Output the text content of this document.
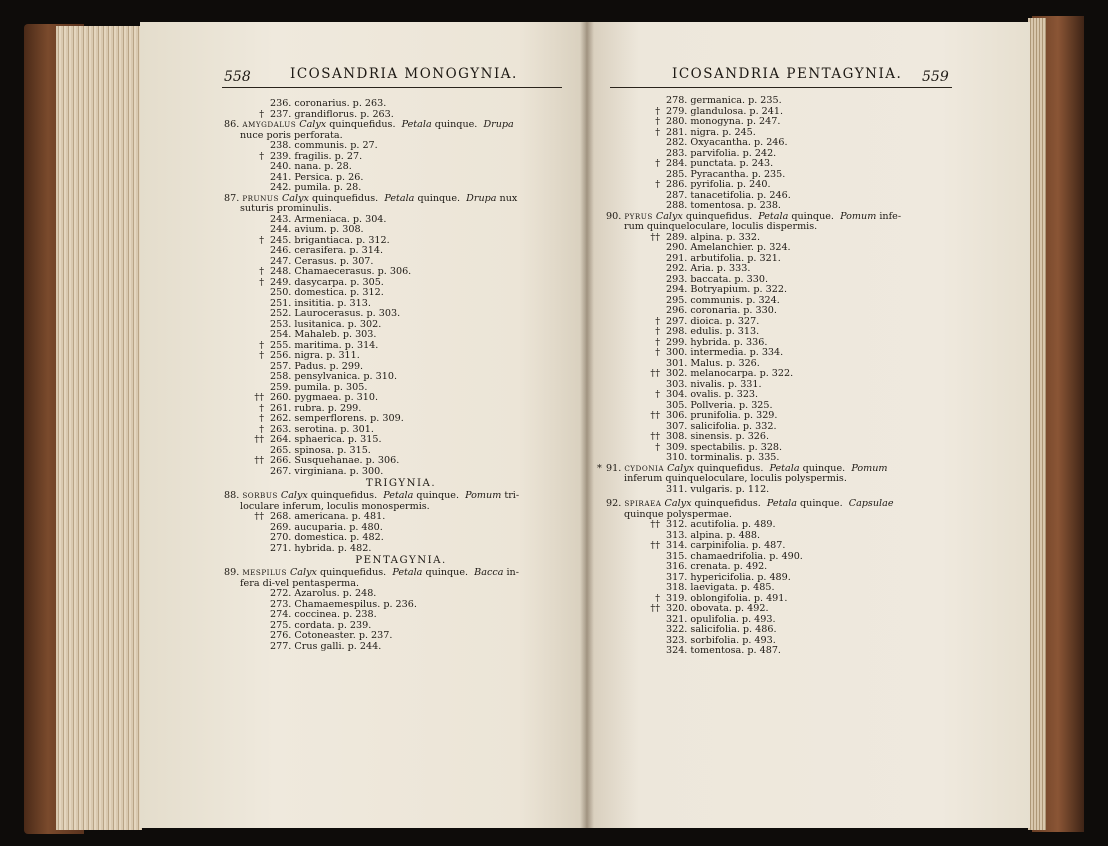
558	ICOSANDRIA MONOGYNIA.	ICOSANDRIA PENTAGYNIA. 559
236. coronarius. p. 263.
† 237. grandiflorus. p. 263.
86. AMYGDALUS Calyx quinquefidus.  Petala quinque.  Drupa
nuce poris perforata.
238. communis. p. 27.
† 239. fragilis. p. 27.
240. nana. p. 28.
241. Persica. p. 26.
242. pumila. p. 28.
87. PRUNUS Calyx quinquefidus.  Petala quinque.  Drupa nux
suturis prominulis.
243. Armeniaca. p. 304.
244. avium. p. 308.
† 245. brigantiaca. p. 312.
246. cerasifera. p. 314.
247. Cerasus. p. 307.
† 248. Chamaecerasus. p. 306.
† 249. dasycarpa. p. 305.
250. domestica. p. 312.
251. insititia. p. 313.
252. Laurocerasus. p. 303.
253. lusitanica. p. 302.
254. Mahaleb. p. 303.
† 255. maritima. p. 314.
† 256. nigra. p. 311.
257. Padus. p. 299.
258. pensylvanica. p. 310.
259. pumila. p. 305.
†† 260. pygmaea. p. 310.
† 261. rubra. p. 299.
† 262. semperflorens. p. 309.
† 263. serotina. p. 301.
†† 264. sphaerica. p. 315.
265. spinosa. p. 315.
†† 266. Susquehanae. p. 306.
267. virginiana. p. 300.
TRIGYNIA.
88. SORBUS Calyx quinquefidus.  Petala quinque.  Pomum tri-
loculare inferum, loculis monospermis.
†† 268. americana. p. 481.
269. aucuparia. p. 480.
270. domestica. p. 482.
271. hybrida. p. 482.
PENTAGYNIA.
89. MESPILUS Calyx quinquefidus.  Petala quinque.  Bacca in-
fera di-vel pentasperma.
272. Azarolus. p. 248.
273. Chamaemespilus. p. 236.
274. coccinea. p. 238.
275. cordata. p. 239.
276. Cotoneaster. p. 237.
277. Crus galli. p. 244.
278. germanica. p. 235.
† 279. glandulosa. p. 241.
† 280. monogyna. p. 247.
† 281. nigra. p. 245.
282. Oxyacantha. p. 246.
283. parvifolia. p. 242.
† 284. punctata. p. 243.
285. Pyracantha. p. 235.
† 286. pyrifolia. p. 240.
287. tanacetifolia. p. 246.
288. tomentosa. p. 238.
90. PYRUS Calyx quinquefidus.  Petala quinque.  Pomum infe-
rum quinqueloculare, loculis dispermis.
†† 289. alpina. p. 332.
290. Amelanchier. p. 324.
291. arbutifolia. p. 321.
292. Aria. p. 333.
293. baccata. p. 330.
294. Botryapium. p. 322.
295. communis. p. 324.
296. coronaria. p. 330.
† 297. dioica. p. 327.
† 298. edulis. p. 313.
† 299. hybrida. p. 336.
† 300. intermedia. p. 334.
301. Malus. p. 326.
†† 302. melanocarpa. p. 322.
303. nivalis. p. 331.
† 304. ovalis. p. 323.
305. Pollveria. p. 325.
†† 306. prunifolia. p. 329.
307. salicifolia. p. 332.
†† 308. sinensis. p. 326.
† 309. spectabilis. p. 328.
310. torminalis. p. 335.
* 91. CYDONIA Calyx quinquefidus.  Petala quinque.  Pomum
inferum quinqueloculare, loculis polyspermis.
311. vulgaris. p. 112.
92. SPIRAEA Calyx quinquefidus.  Petala quinque.  Capsulae
quinque polyspermae.
†† 312. acutifolia. p. 489.
313. alpina. p. 488.
†† 314. carpinifolia. p. 487.
315. chamaedrifolia. p. 490.
316. crenata. p. 492.
317. hypericifolia. p. 489.
318. laevigata. p. 485.
† 319. oblongifolia. p. 491.
†† 320. obovata. p. 492.
321. opulifolia. p. 493.
322. salicifolia. p. 486.
323. sorbifolia. p. 493.
324. tomentosa. p. 487.
